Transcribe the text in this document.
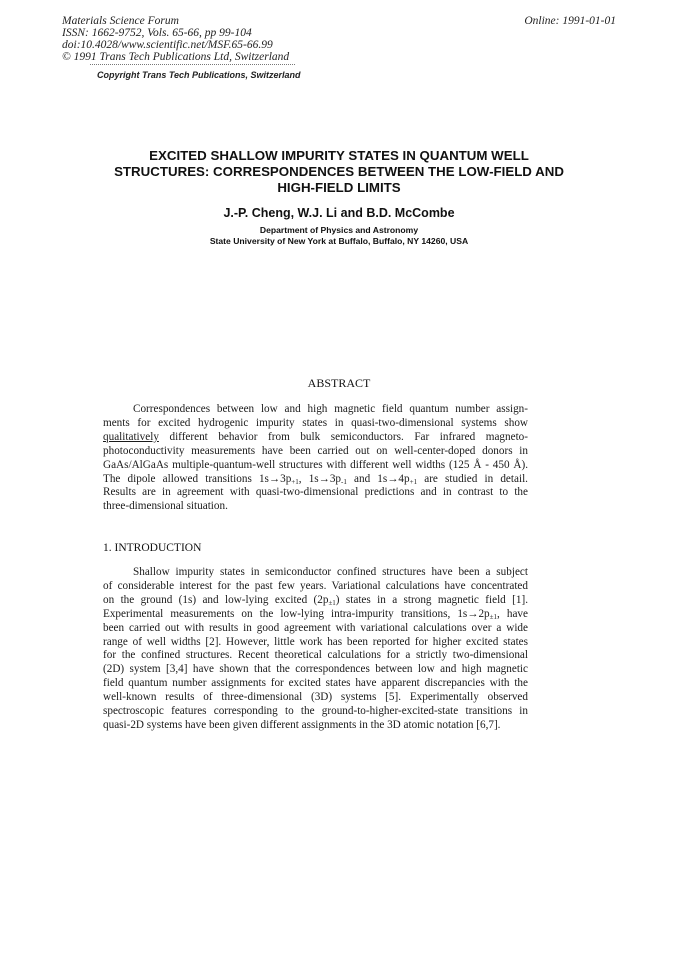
Materials Science Forum
ISSN: 1662-9752, Vols. 65-66, pp 99-104
doi:10.4028/www.scientific.net/MSF.65-66.99
© 1991 Trans Tech Publications Ltd, Switzerland
Online: 1991-01-01
Copyright Trans Tech Publications, Switzerland
EXCITED SHALLOW IMPURITY STATES IN QUANTUM WELL
STRUCTURES: CORRESPONDENCES BETWEEN THE LOW-FIELD AND
HIGH-FIELD LIMITS
J.-P. Cheng, W.J. Li and B.D. McCombe
Department of Physics and Astronomy
State University of New York at Buffalo, Buffalo, NY 14260, USA
ABSTRACT
Correspondences between low and high magnetic field quantum number assign-
ments for excited hydrogenic impurity states in quasi-two-dimensional systems show
qualitatively different behavior from bulk semiconductors. Far infrared magneto-
photoconductivity measurements have been carried out on well-center-doped donors in
GaAs/AlGaAs multiple-quantum-well structures with different well widths (125 Å - 450 Å).
The dipole allowed transitions $1s\to 3p_{+1}$, $1s\to 3p_{-1}$ and $1s\to 4p_{+1}$ are studied in detail.
Results are in agreement with quasi-two-dimensional predictions and in contrast to the
three-dimensional situation.
1. INTRODUCTION
Shallow impurity states in semiconductor confined structures have been a subject
of considerable interest for the past few years. Variational calculations have concentrated
on the ground (1s) and low-lying excited $(2p_{\pm 1})$ states in a strong magnetic field [1].
Experimental measurements on the low-lying intra-impurity transitions, $1s\to 2p_{\pm 1}$, have
been carried out with results in good agreement with variational calculations over a wide
range of well widths [2]. However, little work has been reported for higher excited states
for the confined structures. Recent theoretical calculations for a strictly two-dimensional
(2D) system [3,4] have shown that the correspondences between low and high magnetic
field quantum number assignments for excited states have apparent discrepancies with the
well-known results of three-dimensional (3D) systems [5]. Experimentally observed
spectroscopic features corresponding to the ground-to-higher-excited-state transitions in
quasi-2D systems have been given different assignments in the 3D atomic notation [6,7].
